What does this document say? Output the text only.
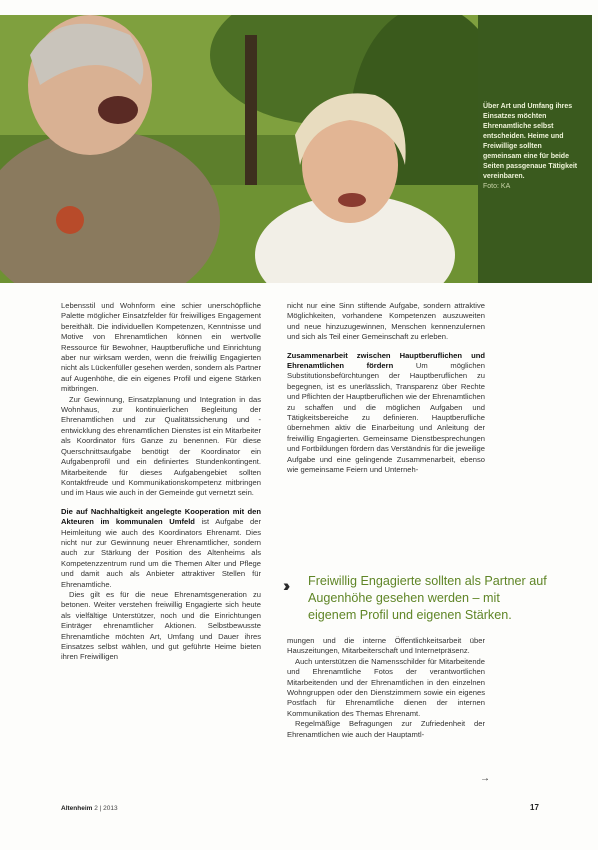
Über Art und Umfang ihres Einsatzes möchten Ehrenamtliche selbst entscheiden. Heime und Freiwillige sollten gemeinsam eine für beide Seiten passgenaue Tätigkeit vereinbaren.
Foto: KA

Lebensstil und Wohnform eine schier unerschöpfliche Palette möglicher Einsatzfelder für freiwilliges Engagement bereithält. Die individuellen Kompetenzen, Kenntnisse und Motive von Ehrenamtlichen können ein wertvolle Ressource für Bewohner, Hauptberufliche und Einrichtung aber nur wirksam werden, wenn die freiwillig Engagierten nicht als Lückenfüller gesehen werden, sondern als Partner auf Augenhöhe, die ein eigenes Profil und eigene Stärken mitbringen.

Zur Gewinnung, Einsatzplanung und Integration in das Wohnhaus, zur kontinuierlichen Begleitung der Ehrenamtlichen und zur Qualitätssicherung und -entwicklung des ehrenamtlichen Dienstes ist ein Mitarbeiter als Koordinator fürs Ganze zu benennen. Für diese Querschnittsaufgabe benötigt der Koordinator ein Aufgabenprofil und ein definiertes Stundenkontingent. Mitarbeitende für dieses Aufgabengebiet sollten Kontaktfreude und Kommunikationskompetenz mitbringen und im Haus wie auch in der Gemeinde gut vernetzt sein.

Die auf Nachhaltigkeit angelegte Kooperation mit den Akteuren im kommunalen Umfeld ist Aufgabe der Heimleitung wie auch des Koordinators Ehrenamt. Dies nicht nur zur Gewinnung neuer Ehrenamtlicher, sondern auch zur Stärkung der Position des Altenheims als Kompetenzzentrum rund um die Themen Alter und Pflege und damit auch als Anbieter attraktiver Stellen für Ehrenamtliche.

Dies gilt es für die neue Ehrenamtsgeneration zu betonen. Weiter verstehen freiwillig Engagierte sich heute als vielfältige Unterstützer, noch und die Einrichtungen Einträger ehrenamtlicher Aktionen. Selbstbewusste Ehrenamtliche möchten Art, Umfang und Dauer ihres Einsatzes selbst wählen, und gut geführte Heime bieten ihren Freiwilligen

nicht nur eine Sinn stiftende Aufgabe, sondern attraktive Möglichkeiten, vorhandene Kompetenzen auszuweiten und neue hinzuzugewinnen, Menschen kennenzulernen und sich als Teil einer Gemeinschaft zu erleben.

Zusammenarbeit zwischen Hauptberuflichen und Ehrenamtlichen fördern Um möglichen Substitutionsbefürchtungen der Hauptberuflichen zu begegnen, ist es unerlässlich, Transparenz über Rechte und Pflichten der Hauptberuflichen wie der Ehrenamtlichen zu schaffen und die möglichen Aufgaben und Tätigkeitsbereiche zu definieren. Hauptberufliche übernehmen aktiv die Einarbeitung und Anleitung der freiwillig Engagierten. Gemeinsame Dienstbesprechungen und Fortbildungen fördern das Verständnis für die jeweilige Aufgabe und eine gelingende Zusammenarbeit, ebenso wie gemeinsame Feiern und Unterneh-

›› Freiwillig Engagierte sollten als Partner auf Augenhöhe gesehen werden – mit eigenem Profil und eigenen Stärken.

mungen und die interne Öffentlichkeitsarbeit über Hauszeitungen, Mitarbeiterschaft und Internetpräsenz.

Auch unterstützen die Namensschilder für Mitarbeitende und Ehrenamtliche Fotos der verantwortlichen Mitarbeitenden und der Ehrenamtlichen in den einzelnen Wohngruppen oder den Dienstzimmern sowie ein eigenes Postfach für Ehrenamtliche dienen der internen Kommunikation des Themas Ehrenamt.

Regelmäßige Befragungen zur Zufriedenheit der Ehrenamtlichen wie auch der Hauptamtl-

→
Altenheim 2 | 2013	17
